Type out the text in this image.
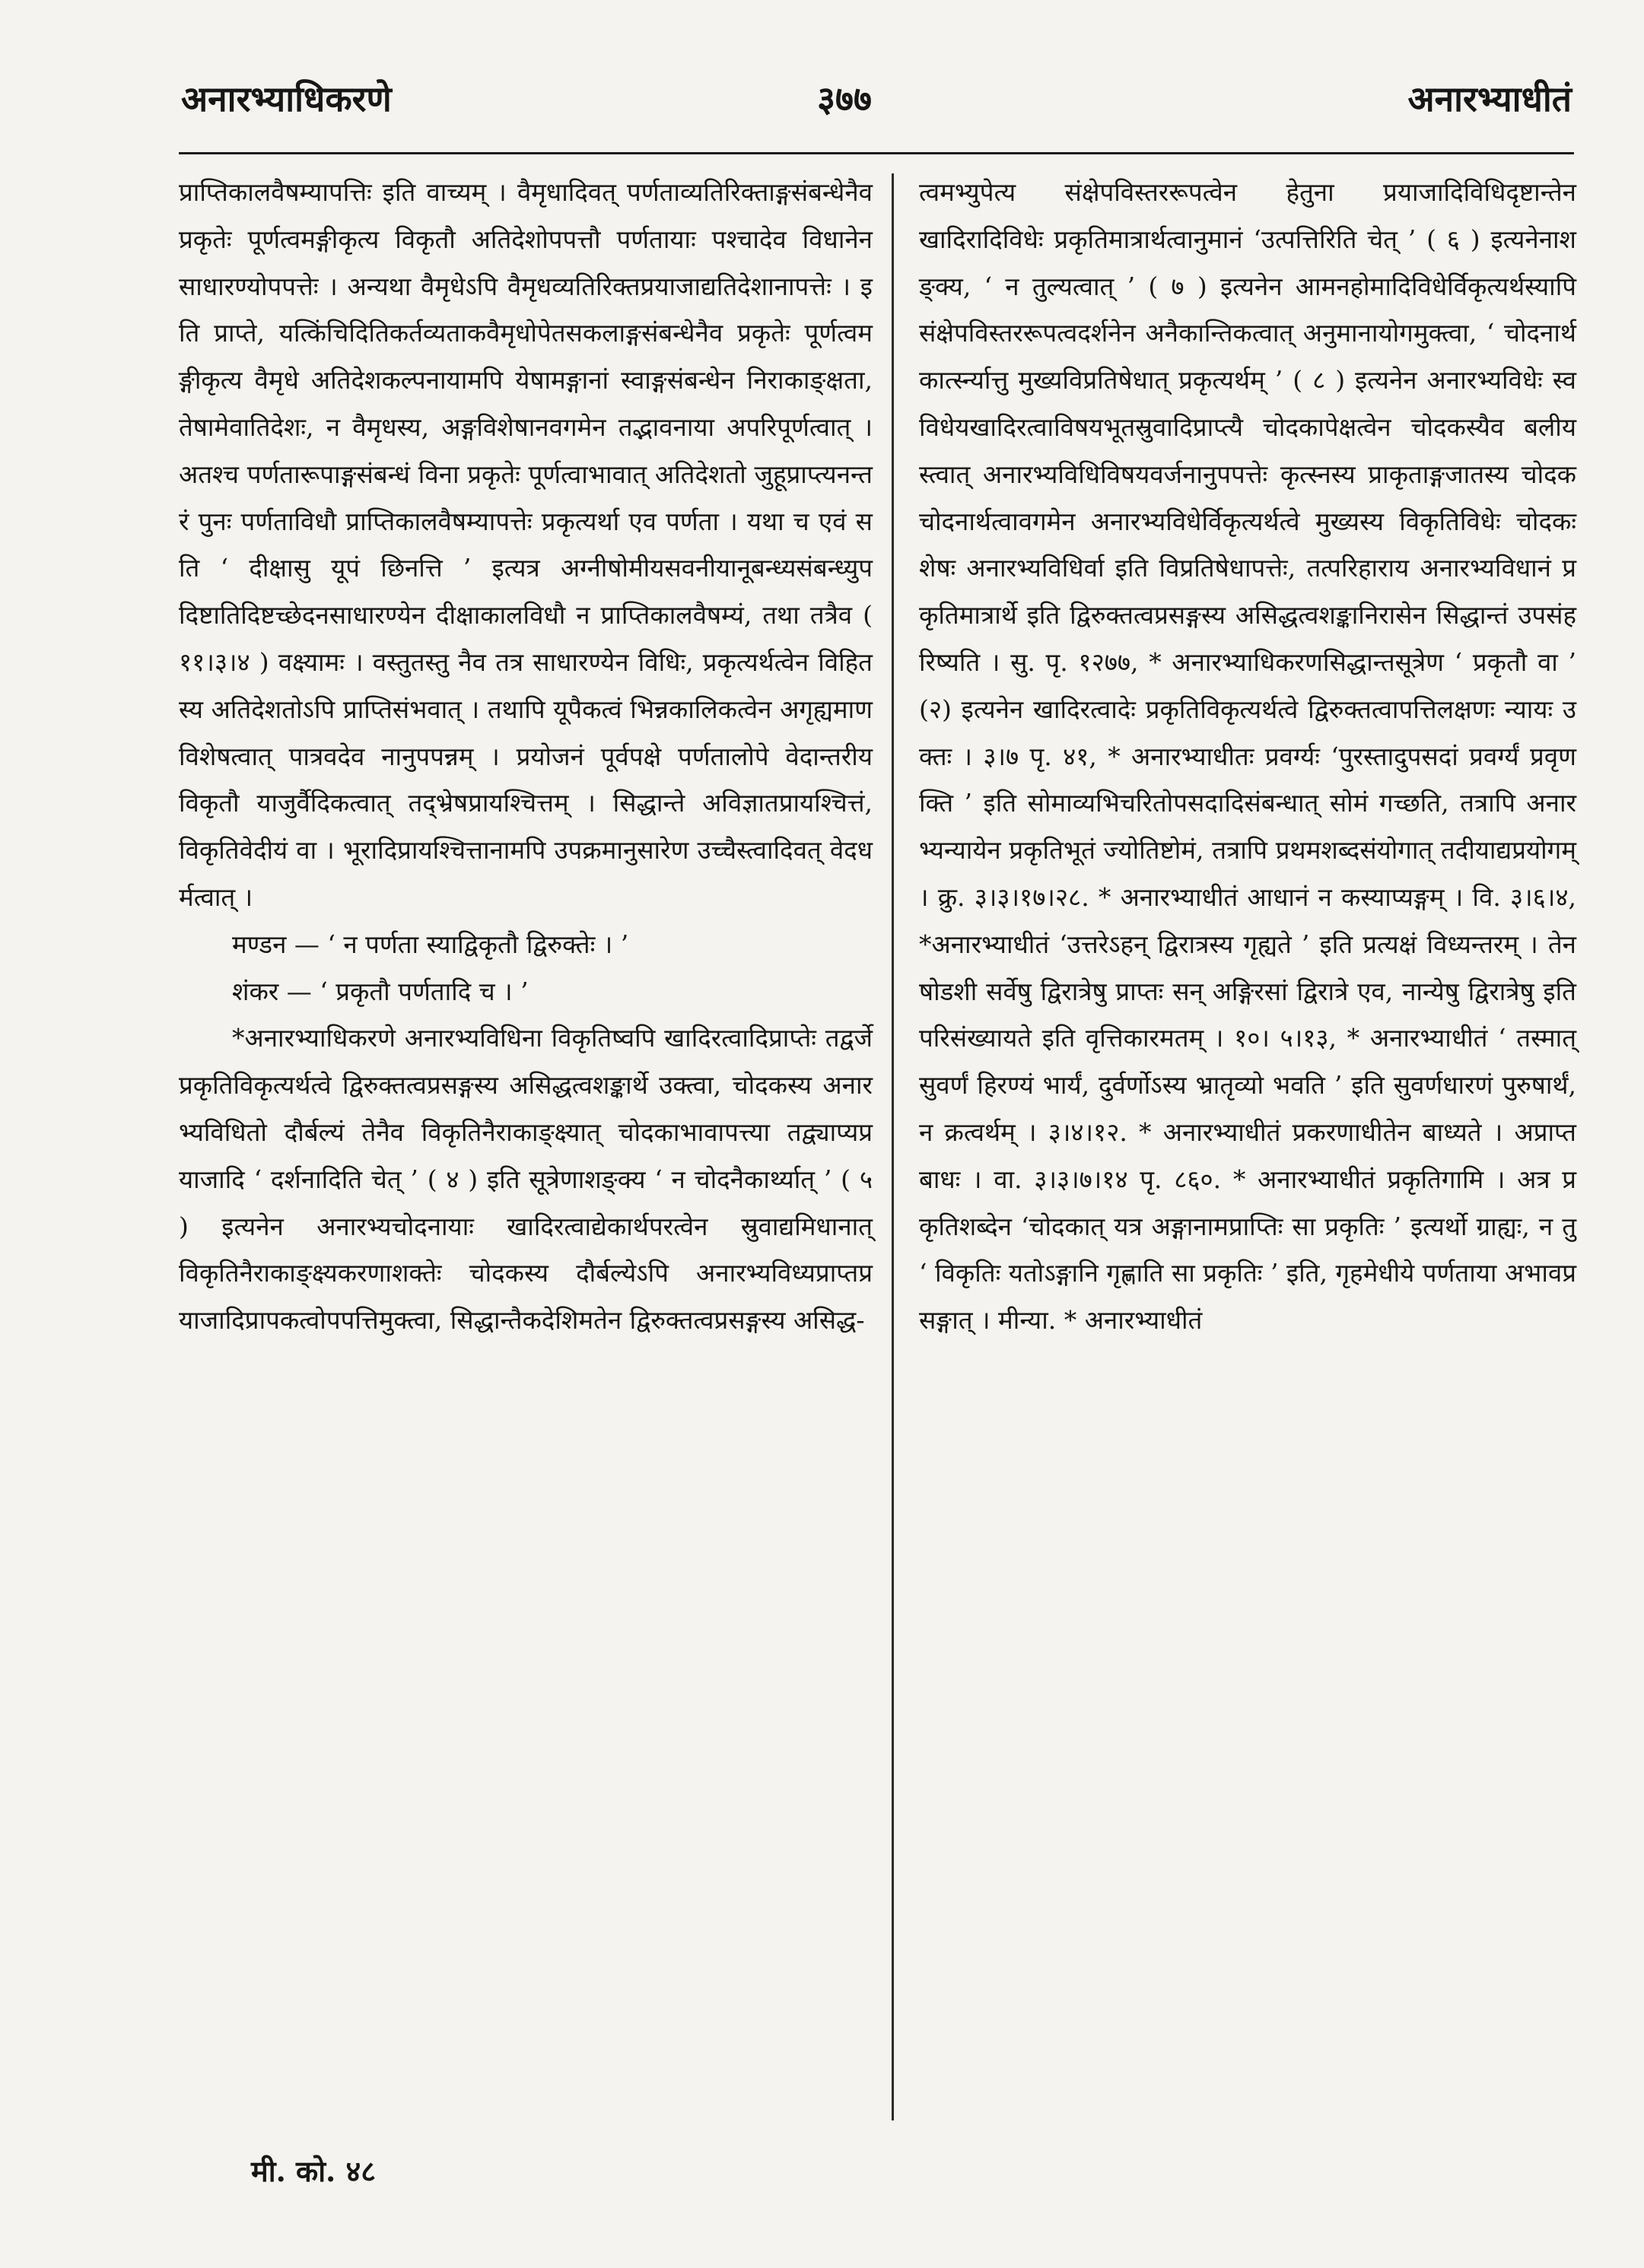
अनारभ्याधिकरणे	३७७	अनारभ्याधीतं

प्राप्तिकालवैषम्यापत्तिः इति वाच्यम् । वैमृधादिवत् पर्णताव्यतिरिक्ताङ्गसंबन्धेनैव प्रकृतेः पूर्णत्वमङ्गीकृत्य विकृतौ अतिदेशोपपत्तौ पर्णतायाः पश्चादेव विधानेन साधारण्योपपत्तेः । अन्यथा वैमृधेऽपि वैमृधव्यतिरिक्तप्रयाजाद्यतिदेशानापत्तेः । इति प्राप्ते, यत्किंचिदितिकर्तव्यताकवैमृधोपेतसकलाङ्गसंबन्धेनैव प्रकृतेः पूर्णत्वमङ्गीकृत्य वैमृधे अतिदेशकल्पनायामपि येषामङ्गानां स्वाङ्गसंबन्धेन निराकाङ्क्षता, तेषामेवातिदेशः, न वैमृधस्य, अङ्गविशेषानवगमेन तद्भावनाया अपरिपूर्णत्वात् । अतश्च पर्णतारूपाङ्गसंबन्धं विना प्रकृतेः पूर्णत्वाभावात् अतिदेशतो जुहूप्राप्त्यनन्तरं पुनः पर्णताविधौ प्राप्तिकालवैषम्यापत्तेः प्रकृत्यर्था एव पर्णता । यथा च एवं सति ‘ दीक्षासु यूपं छिनत्ति ’ इत्यत्र अग्नीषोमीयसवनीयानूबन्ध्यसंबन्ध्युपदिष्टातिदिष्टच्छेदनसाधारण्येन दीक्षाकालविधौ न प्राप्तिकालवैषम्यं, तथा तत्रैव ( ११।३।४ ) वक्ष्यामः । वस्तुतस्तु नैव तत्र साधारण्येन विधिः, प्रकृत्यर्थत्वेन विहितस्य अतिदेशतोऽपि प्राप्तिसंभवात् । तथापि यूपैकत्वं भिन्नकालिकत्वेन अगृह्यमाणविशेषत्वात् पात्रवदेव नानुपपन्नम् । प्रयोजनं पूर्वपक्षे पर्णतालोपे वेदान्तरीयविकृतौ याजुर्वैदिकत्वात् तद्भ्रेषप्रायश्चित्तम् । सिद्धान्ते अविज्ञातप्रायश्चित्तं, विकृतिवेदीयं वा । भूरादिप्रायश्चित्तानामपि उपक्रमानुसारेण उच्चैस्त्वादिवत् वेदधर्मत्वात् ।

मण्डन — ‘ न पर्णता स्याद्विकृतौ द्विरुक्तेः । ’

शंकर — ‘ प्रकृतौ पर्णतादि च । ’

*अनारभ्याधिकरणे अनारभ्यविधिना विकृतिष्वपि खादिरत्वादिप्राप्तेः तद्वर्जे प्रकृतिविकृत्यर्थत्वे द्विरुक्तत्वप्रसङ्गस्य असिद्धत्वशङ्कार्थे उक्त्वा, चोदकस्य अनारभ्यविधितो दौर्बल्यं तेनैव विकृतिनैराकाङ्क्ष्यात् चोदकाभावापत्त्या तद्व्याप्यप्रयाजादि ‘ दर्शनादिति चेत् ’ ( ४ ) इति सूत्रेणाशङ्क्य ‘ न चोदनैकार्थ्यात् ’ ( ५ ) इत्यनेन अनारभ्यचोदनायाः खादिरत्वाद्येकार्थपरत्वेन स्रुवाद्यमिधानात् विकृतिनैराकाङ्क्ष्यकरणाशक्तेः चोदकस्य दौर्बल्येऽपि अनारभ्यविध्यप्राप्तप्रयाजादिप्रापकत्वोपपत्तिमुक्त्वा, सिद्धान्तैकदेशिमतेन द्विरुक्तत्वप्रसङ्गस्य असिद्ध-

त्वमभ्युपेत्य संक्षेपविस्तररूपत्वेन हेतुना प्रयाजादिविधिदृष्टान्तेन खादिरादिविधेः प्रकृतिमात्रार्थत्वानुमानं ‘उत्पत्तिरिति चेत् ’ ( ६ ) इत्यनेनाशङ्क्य, ‘ न तुल्यत्वात् ’ ( ७ ) इत्यनेन आमनहोमादिविधेर्विकृत्यर्थस्यापि संक्षेपविस्तररूपत्वदर्शनेन अनैकान्तिकत्वात् अनुमानायोगमुक्त्वा, ‘ चोदनार्थकार्त्स्न्यात्तु मुख्यविप्रतिषेधात् प्रकृत्यर्थम् ’ ( ८ ) इत्यनेन अनारभ्यविधेः स्वविधेयखादिरत्वाविषयभूतस्रुवादिप्राप्त्यै चोदकापेक्षत्वेन चोदकस्यैव बलीयस्त्वात् अनारभ्यविधिविषयवर्जनानुपपत्तेः कृत्स्नस्य प्राकृताङ्गजातस्य चोदकचोदनार्थत्वावगमेन अनारभ्यविधेर्विकृत्यर्थत्वे मुख्यस्य विकृतिविधेः चोदकः शेषः अनारभ्यविधिर्वा इति विप्रतिषेधापत्तेः, तत्परिहाराय अनारभ्यविधानं प्रकृतिमात्रार्थे इति द्विरुक्तत्वप्रसङ्गस्य असिद्धत्वशङ्कानिरासेन सिद्धान्तं उपसंहरिष्यति । सु. पृ. १२७७, * अनारभ्याधिकरणसिद्धान्तसूत्रेण ‘ प्रकृतौ वा ’ (२) इत्यनेन खादिरत्वादेः प्रकृतिविकृत्यर्थत्वे द्विरुक्तत्वापत्तिलक्षणः न्यायः उक्तः । ३।७ पृ. ४१, * अनारभ्याधीतः प्रवर्ग्यः ‘पुरस्तादुपसदां प्रवर्ग्यं प्रवृणक्ति ’ इति सोमाव्यभिचरितोपसदादिसंबन्धात् सोमं गच्छति, तत्रापि अनारभ्यन्यायेन प्रकृतिभूतं ज्योतिष्टोमं, तत्रापि प्रथमशब्दसंयोगात् तदीयाद्यप्रयोगम् । क्रु. ३।३।१७।२८. * अनारभ्याधीतं आधानं न कस्याप्यङ्गम् । वि. ३।६।४, *अनारभ्याधीतं ‘उत्तरेऽहन् द्विरात्रस्य गृह्यते ’ इति प्रत्यक्षं विध्यन्तरम् । तेन षोडशी सर्वेषु द्विरात्रेषु प्राप्तः सन् अङ्गिरसां द्विरात्रे एव, नान्येषु द्विरात्रेषु इति परिसंख्यायते इति वृत्तिकारमतम् । १०। ५।१३, * अनारभ्याधीतं ‘ तस्मात् सुवर्णं हिरण्यं भार्यं, दुर्वर्णोऽस्य भ्रातृव्यो भवति ’ इति सुवर्णधारणं पुरुषार्थं, न क्रत्वर्थम् । ३।४।१२. * अनारभ्याधीतं प्रकरणाधीतेन बाध्यते । अप्राप्तबाधः । वा. ३।३।७।१४ पृ. ८६०. * अनारभ्याधीतं प्रकृतिगामि । अत्र प्रकृतिशब्देन ‘चोदकात् यत्र अङ्गानामप्राप्तिः सा प्रकृतिः ’ इत्यर्थो ग्राह्यः, न तु ‘ विकृतिः यतोऽङ्गानि गृह्णाति सा प्रकृतिः ’ इति, गृहमेधीये पर्णताया अभावप्रसङ्गात् । मीन्या. * अनारभ्याधीतं

मी. को. ४८
